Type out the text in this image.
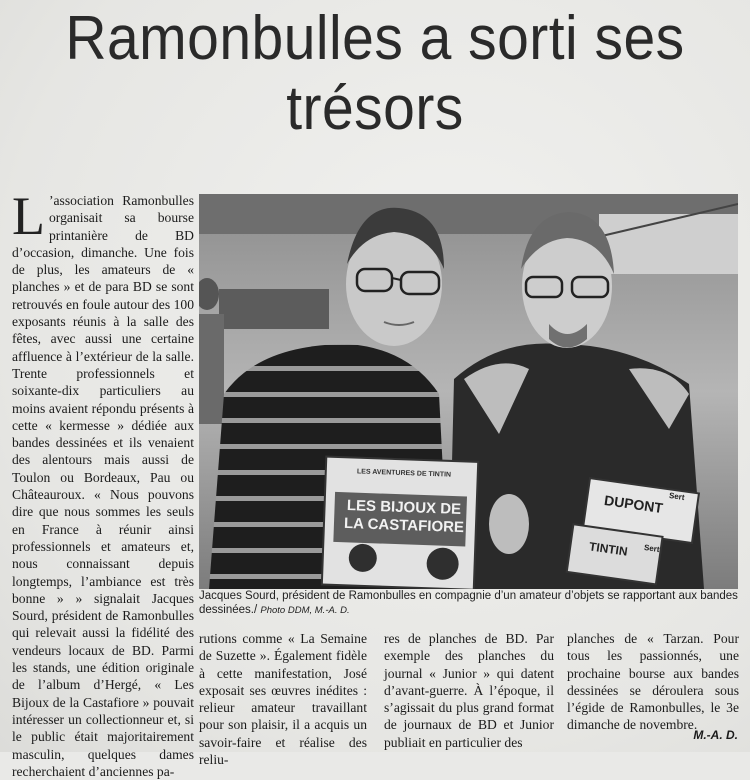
Ramonbulles a sorti ses trésors
L ’association Ramonbulles organisait sa bourse printanière de BD d’occasion, dimanche. Une fois de plus, les amateurs de « planches » et de para BD se sont retrouvés en foule autour des 100 exposants réunis à la salle des fêtes, avec aussi une certaine affluence à l’extérieur de la salle. Trente professionnels et soixante-dix particuliers au moins avaient répondu présents à cette « kermesse » dédiée aux bandes dessinées et ils venaient des alentours mais aussi de Toulon ou Bordeaux, Pau ou Châteauroux. « Nous pouvons dire que nous sommes les seuls en France à réunir ainsi professionnels et amateurs et, nous connaissant depuis longtemps, l’ambiance est très bonne » » signalait Jacques Sourd, président de Ramonbulles qui relevait aussi la fidélité des vendeurs locaux de BD. Parmi les stands, une édition originale de l’album d’Hergé, « Les Bijoux de la Castafiore » pouvait intéresser un collectionneur et, si le public était majoritairement masculin, quelques dames recherchaient d’anciennes pa-

LES AVENTURES DE TINTIN
LES BIJOUX DE
LA CASTAFIORE
DUPONT Sert
TINTIN Sert
Jacques Sourd, président de Ramonbulles en compagnie d’un amateur d’objets se rapportant aux bandes dessinées./ Photo DDM, M.-A. D.

rutions comme « La Semaine de Suzette ». Également fidèle à cette manifestation, José exposait ses œuvres inédites : relieur amateur travaillant pour son plaisir, il a acquis un savoir-faire et réalise des reliu-

res de planches de BD. Par exemple des planches du journal « Junior » qui datent d’avant-guerre. À l’époque, il s’agissait du plus grand format de journaux de BD et Junior publiait en particulier des

planches de « Tarzan. Pour tous les passionnés, une prochaine bourse aux bandes dessinées se déroulera sous l’égide de Ramonbulles, le 3e dimanche de novembre.

M.-A. D.
